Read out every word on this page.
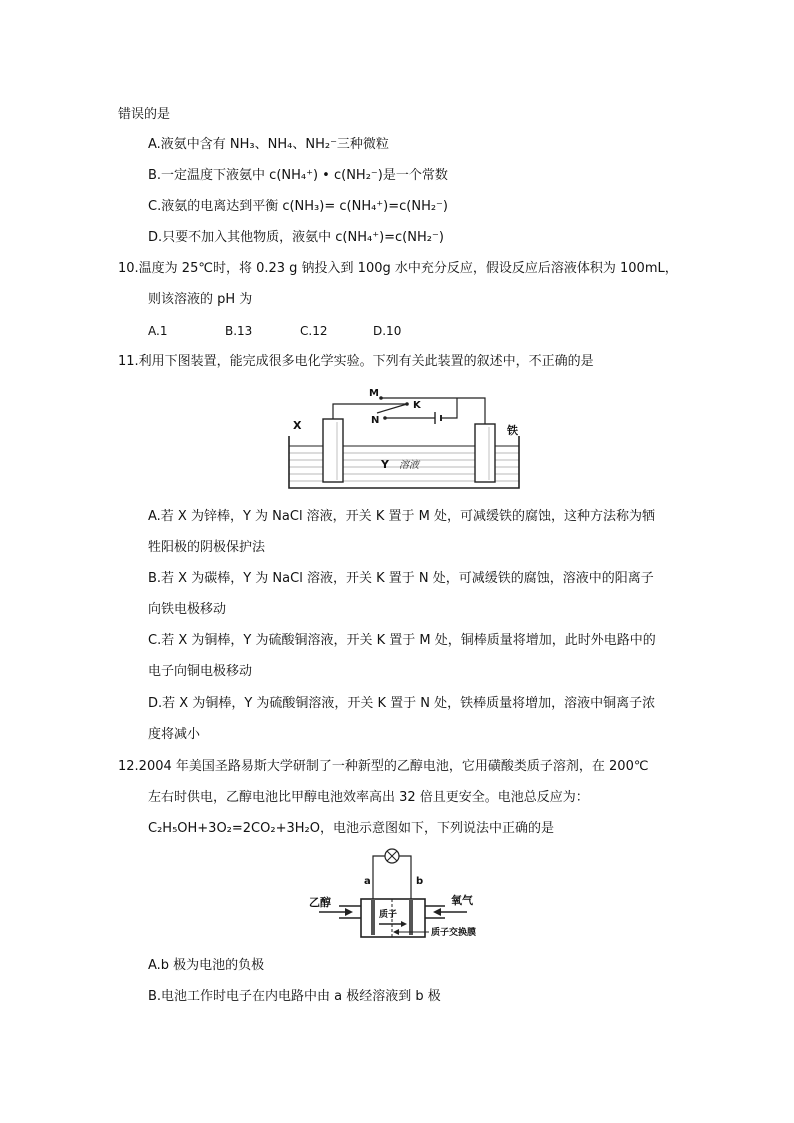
错误的是
A.液氨中含有 NH₃、NH₄、NH₂⁻三种微粒
B.一定温度下液氨中 c(NH₄⁺) • c(NH₂⁻)是一个常数
C.液氨的电离达到平衡 c(NH₃)= c(NH₄⁺)=c(NH₂⁻)
D.只要不加入其他物质，液氨中 c(NH₄⁺)=c(NH₂⁻)
10.温度为 25℃时，将 0.23 g 钠投入到 100g 水中充分反应，假设反应后溶液体积为 100mL，
则该溶液的 pH 为
A.1	B.13	C.12	D.10
11.利用下图装置，能完成很多电化学实验。下列有关此装置的叙述中，不正确的是
M
K
N
X	铁
Y 溶液
A.若 X 为锌棒，Y 为 NaCl 溶液，开关 K 置于 M 处，可减缓铁的腐蚀，这种方法称为牺
牲阳极的阴极保护法
B.若 X 为碳棒，Y 为 NaCl 溶液，开关 K 置于 N 处，可减缓铁的腐蚀，溶液中的阳离子
向铁电极移动
C.若 X 为铜棒，Y 为硫酸铜溶液，开关 K 置于 M 处，铜棒质量将增加，此时外电路中的
电子向铜电极移动
D.若 X 为铜棒，Y 为硫酸铜溶液，开关 K 置于 N 处，铁棒质量将增加，溶液中铜离子浓
度将减小
12.2004 年美国圣路易斯大学研制了一种新型的乙醇电池，它用磺酸类质子溶剂，在 200℃
左右时供电，乙醇电池比甲醇电池效率高出 32 倍且更安全。电池总反应为：
C₂H₅OH+3O₂=2CO₂+3H₂O，电池示意图如下，下列说法中正确的是
a	b
乙醇	氧气
质子
质子交换膜
A.b 极为电池的负极
B.电池工作时电子在内电路中由 a 极经溶液到 b 极
